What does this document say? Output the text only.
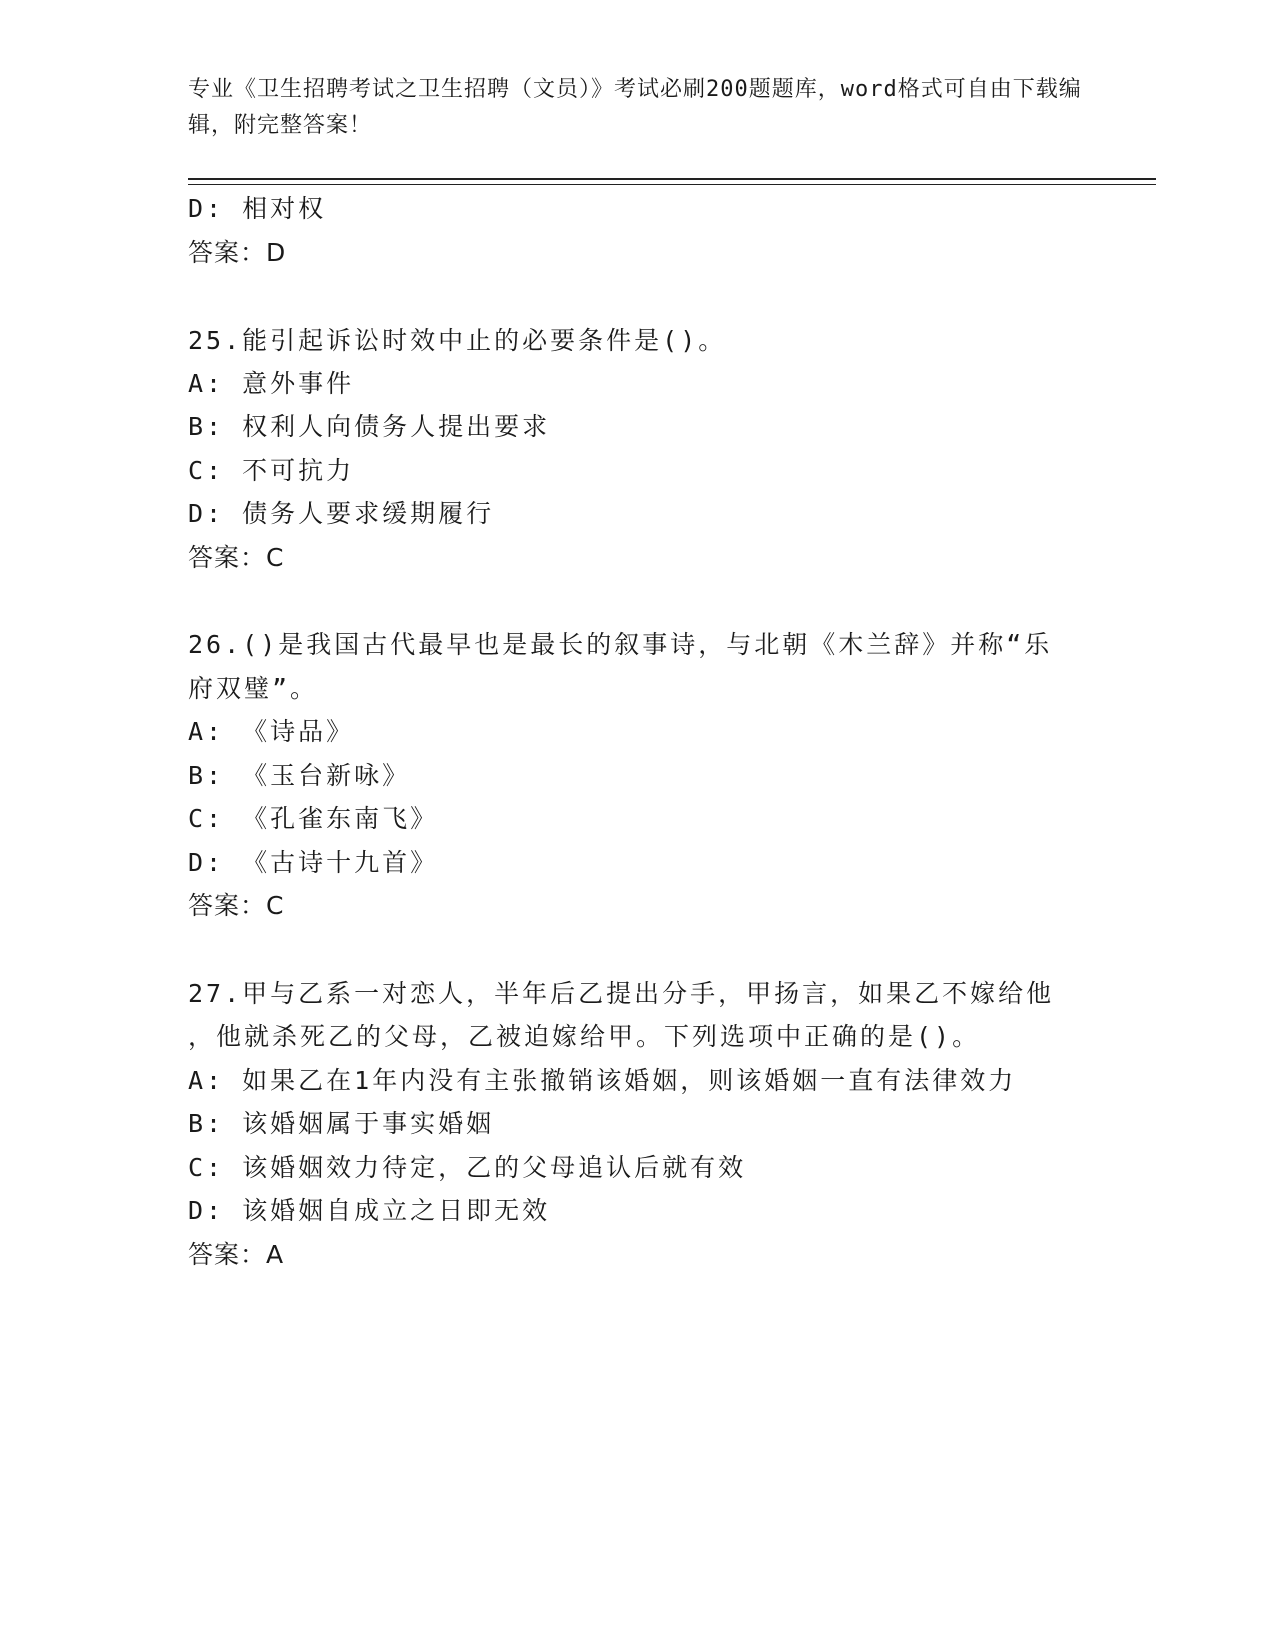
专业《卫生招聘考试之卫生招聘（文员）》考试必刷200题题库，word格式可自由下载编辑，附完整答案！
D: 相对权
答案：D
25.能引起诉讼时效中止的必要条件是()。
A: 意外事件
B: 权利人向债务人提出要求
C: 不可抗力
D: 债务人要求缓期履行
答案：C
26.()是我国古代最早也是最长的叙事诗，与北朝《木兰辞》并称“乐
府双璧”。
A: 《诗品》
B: 《玉台新咏》
C: 《孔雀东南飞》
D: 《古诗十九首》
答案：C
27.甲与乙系一对恋人，半年后乙提出分手，甲扬言，如果乙不嫁给他
，他就杀死乙的父母，乙被迫嫁给甲。下列选项中正确的是()。
A: 如果乙在1年内没有主张撤销该婚姻，则该婚姻一直有法律效力
B: 该婚姻属于事实婚姻
C: 该婚姻效力待定，乙的父母追认后就有效
D: 该婚姻自成立之日即无效
答案：A
